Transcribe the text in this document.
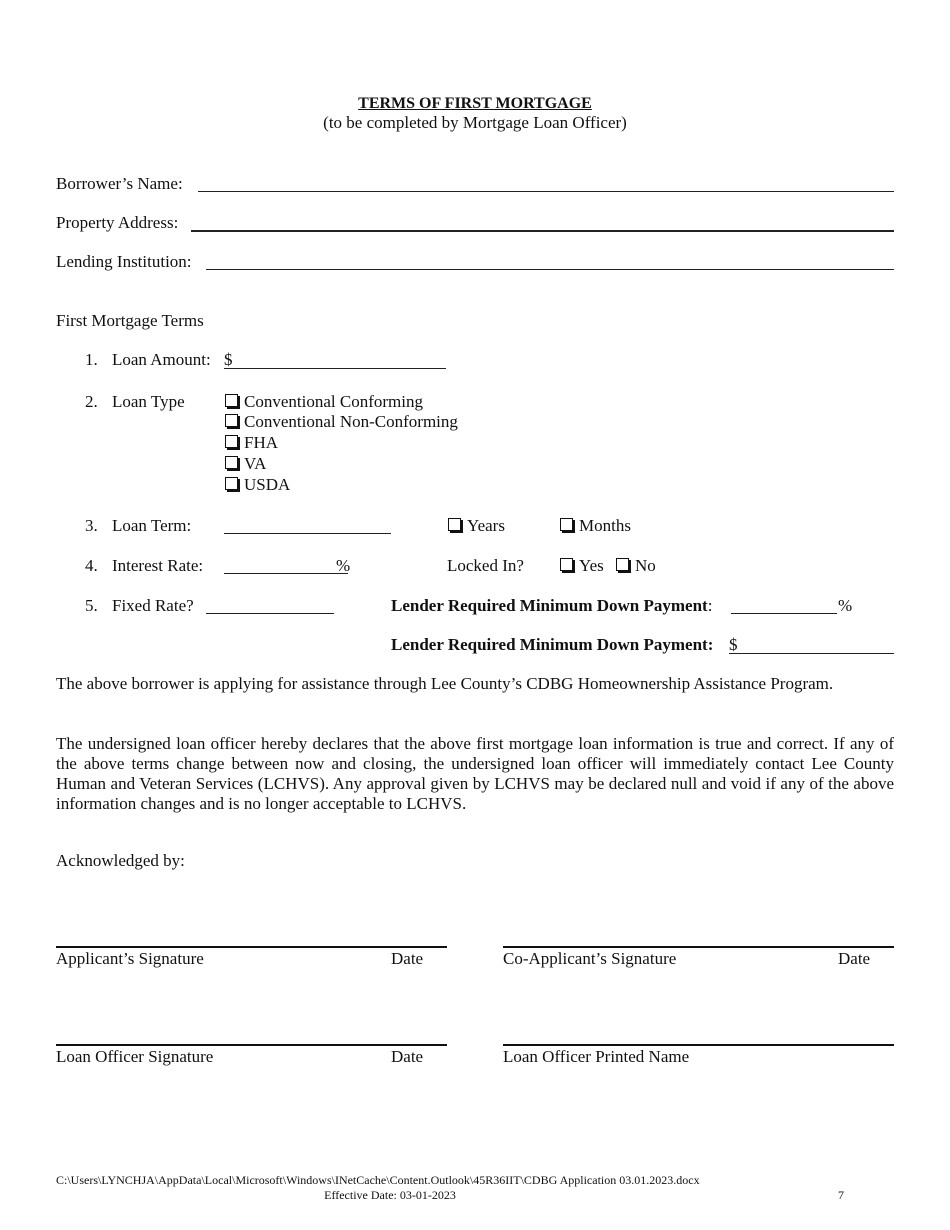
TERMS OF FIRST MORTGAGE
(to be completed by Mortgage Loan Officer)
Borrower’s Name:
Property Address:
Lending Institution:
First Mortgage Terms
1. Loan Amount: $
2. Loan Type	Conventional Conforming
Conventional Non-Conforming
FHA
VA
USDA
3. Loan Term:	Years	Months
4. Interest Rate:	%	Locked In?	Yes	No
5. Fixed Rate?	Lender Required Minimum Down Payment:	%
Lender Required Minimum Down Payment: $
The above borrower is applying for assistance through Lee County’s CDBG Homeownership Assistance Program.
The undersigned loan officer hereby declares that the above first mortgage loan information is true and correct. If any of the above terms change between now and closing, the undersigned loan officer will immediately contact Lee County Human and Veteran Services (LCHVS). Any approval given by LCHVS may be declared null and void if any of the above information changes and is no longer acceptable to LCHVS.
Acknowledged by:
Applicant’s Signature	Date	Co-Applicant’s Signature	Date
Loan Officer Signature	Date	Loan Officer Printed Name
C:\Users\LYNCHJA\AppData\Local\Microsoft\Windows\INetCache\Content.Outlook\45R36IIT\CDBG Application 03.01.2023.docx
Effective Date: 03-01-2023	7
